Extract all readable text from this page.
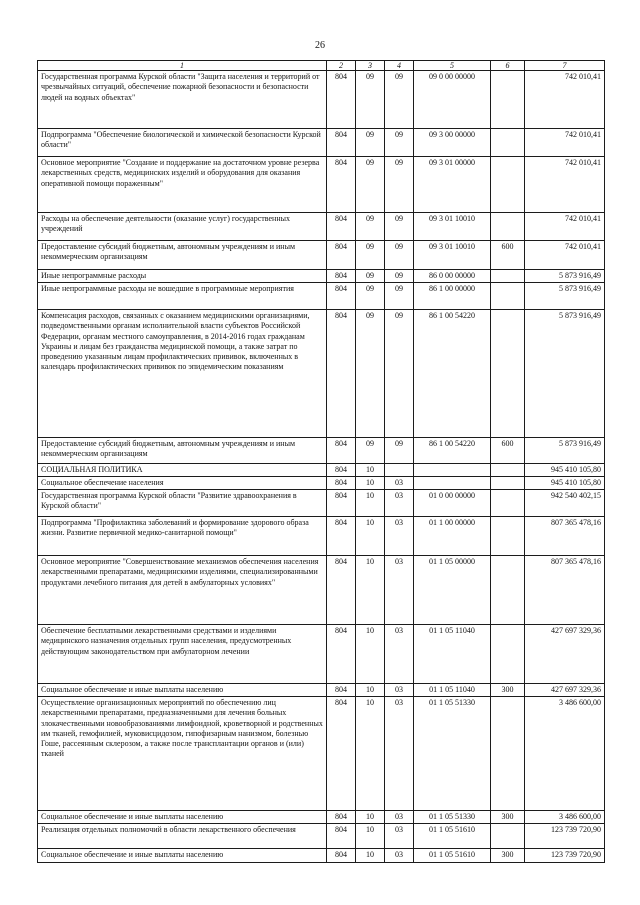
26
1	2	3	4	5	6	7
Государственная программа Курской области "Защита населения и территорий от чрезвычайных ситуаций, обеспечение пожарной безопасности и безопасности людей на водных объектах"	804	09	09	09 0 00 00000		742 010,41
Подпрограмма "Обеспечение биологической и химической безопасности Курской области"	804	09	09	09 3 00 00000		742 010,41
Основное мероприятие "Создание и поддержание на достаточном уровне резерва лекарственных средств, медицинских изделий и оборудования для оказания оперативной помощи пораженным"	804	09	09	09 3 01 00000		742 010,41
Расходы на обеспечение деятельности (оказание услуг) государственных учреждений	804	09	09	09 3 01 10010		742 010,41
Предоставление субсидий бюджетным, автономным учреждениям и иным некоммерческим организациям	804	09	09	09 3 01 10010	600	742 010,41
Иные непрограммные расходы	804	09	09	86 0 00 00000		5 873 916,49
Иные непрограммные расходы не вошедшие в программные мероприятия	804	09	09	86 1 00 00000		5 873 916,49
Компенсация расходов, связанных с оказанием медицинскими организациями, подведомственными органам исполнительной власти субъектов Российской Федерации, органам местного самоуправления, в 2014-2016 годах гражданам Украины и лицам без гражданства медицинской помощи, а также затрат по проведению указанным лицам профилактических прививок, включенных в календарь профилактических прививок по эпидемическим показаниям	804	09	09	86 1 00 54220		5 873 916,49
Предоставление субсидий бюджетным, автономным учреждениям и иным некоммерческим организациям	804	09	09	86 1 00 54220	600	5 873 916,49
СОЦИАЛЬНАЯ ПОЛИТИКА	804	10				945 410 105,80
Социальное обеспечение населения	804	10	03			945 410 105,80
Государственная программа Курской области "Развитие здравоохранения в Курской области"	804	10	03	01 0 00 00000		942 540 402,15
Подпрограмма "Профилактика заболеваний и формирование здорового образа жизни. Развитие первичной медико-санитарной помощи"	804	10	03	01 1 00 00000		807 365 478,16
Основное мероприятие "Совершенствование механизмов обеспечения населения лекарственными препаратами, медицинскими изделиями, специализированными продуктами лечебного питания для детей в амбулаторных условиях"	804	10	03	01 1 05 00000		807 365 478,16
Обеспечение бесплатными лекарственными средствами и изделиями медицинского назначения отдельных групп населения, предусмотренных действующим законодательством при амбулаторном лечении	804	10	03	01 1 05 11040		427 697 329,36
Социальное обеспечение и иные выплаты населению	804	10	03	01 1 05 11040	300	427 697 329,36
Осуществление организационных мероприятий по обеспечению лиц лекарственными препаратами, предназначенными для лечения больных злокачественными новообразованиями лимфоидной, кроветворной и родственных им тканей, гемофилией, муковисцидозом, гипофизарным нанизмом, болезнью Гоше, рассеянным склерозом, а также после трансплантации органов и (или) тканей	804	10	03	01 1 05 51330		3 486 600,00
Социальное обеспечение и иные выплаты населению	804	10	03	01 1 05 51330	300	3 486 600,00
Реализация отдельных полномочий в области лекарственного обеспечения	804	10	03	01 1 05 51610		123 739 720,90
Социальное обеспечение и иные выплаты населению	804	10	03	01 1 05 51610	300	123 739 720,90
